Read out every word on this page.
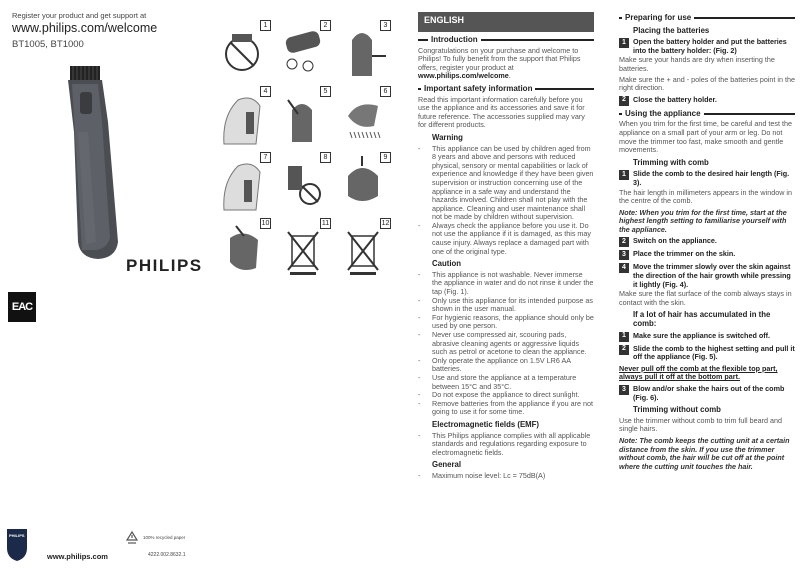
Register your product and get support at
www.philips.com/welcome
BT1005, BT1000
PHILIPS
EAC
PHILIPS
www.philips.com
100% recycled paper
4222.002.8632.1
1	2	3
4	5	6
7	8	9
10	11	12
ENGLISH
Introduction
Congratulations on your purchase and welcome to Philips! To fully benefit from the support that Philips offers, register your product at www.philips.com/welcome.
Important safety information
Read this important information carefully before you use the appliance and its accessories and save it for future reference. The accessories supplied may vary for different products.
Warning
-	This appliance can be used by children aged from 8 years and above and persons with reduced physical, sensory or mental capabilities or lack of experience and knowledge if they have been given supervision or instruction concerning use of the appliance in a safe way and understand the hazards involved. Children shall not play with the appliance. Cleaning and user maintenance shall not be made by children without supervision.
-	Always check the appliance before you use it. Do not use the appliance if it is damaged, as this may cause injury. Always replace a damaged part with one of the original type.
Caution
-	This appliance is not washable. Never immerse the appliance in water and do not rinse it under the tap (Fig. 1).
-	Only use this appliance for its intended purpose as shown in the user manual.
-	For hygienic reasons, the appliance should only be used by one person.
-	Never use compressed air, scouring pads, abrasive cleaning agents or aggressive liquids such as petrol or acetone to clean the appliance.
-	Only operate the appliance on 1.5V LR6 AA batteries.
-	Use and store the appliance at a temperature between 15°C and 35°C.
-	Do not expose the appliance to direct sunlight.
-	Remove batteries from the appliance if you are not going to use it for some time.
Electromagnetic fields (EMF)
-	This Philips appliance complies with all applicable standards and regulations regarding exposure to electromagnetic fields.
General
-	Maximum noise level: Lc = 75dB(A)
Preparing for use
Placing the batteries
1 Open the battery holder and put the batteries into the battery holder: (Fig. 2)
Make sure your hands are dry when inserting the batteries.
Make sure the + and - poles of the batteries point in the right direction.
2 Close the battery holder.
Using the appliance
When you trim for the first time, be careful and test the appliance on a small part of your arm or leg. Do not move the trimmer too fast, make smooth and gentle movements.
Trimming with comb
1 Slide the comb to the desired hair length (Fig. 3).
The hair length in millimeters appears in the window in the centre of the comb.
Note: When you trim for the first time, start at the highest length setting to familiarise yourself with the appliance.
2 Switch on the appliance.
3 Place the trimmer on the skin.
4 Move the trimmer slowly over the skin against the direction of the hair growth while pressing it lightly (Fig. 4).
Make sure the flat surface of the comb always stays in contact with the skin.
If a lot of hair has accumulated in the comb:
1 Make sure the appliance is switched off.
2 Slide the comb to the highest setting and pull it off the appliance (Fig. 5).
Never pull off the comb at the flexible top part, always pull it off at the bottom part.
3 Blow and/or shake the hairs out of the comb (Fig. 6).
Trimming without comb
Use the trimmer without comb to trim full beard and single hairs.
Note: The comb keeps the cutting unit at a certain distance from the skin. If you use the trimmer without comb, the hair will be cut off at the point where the cutting unit touches the hair.
